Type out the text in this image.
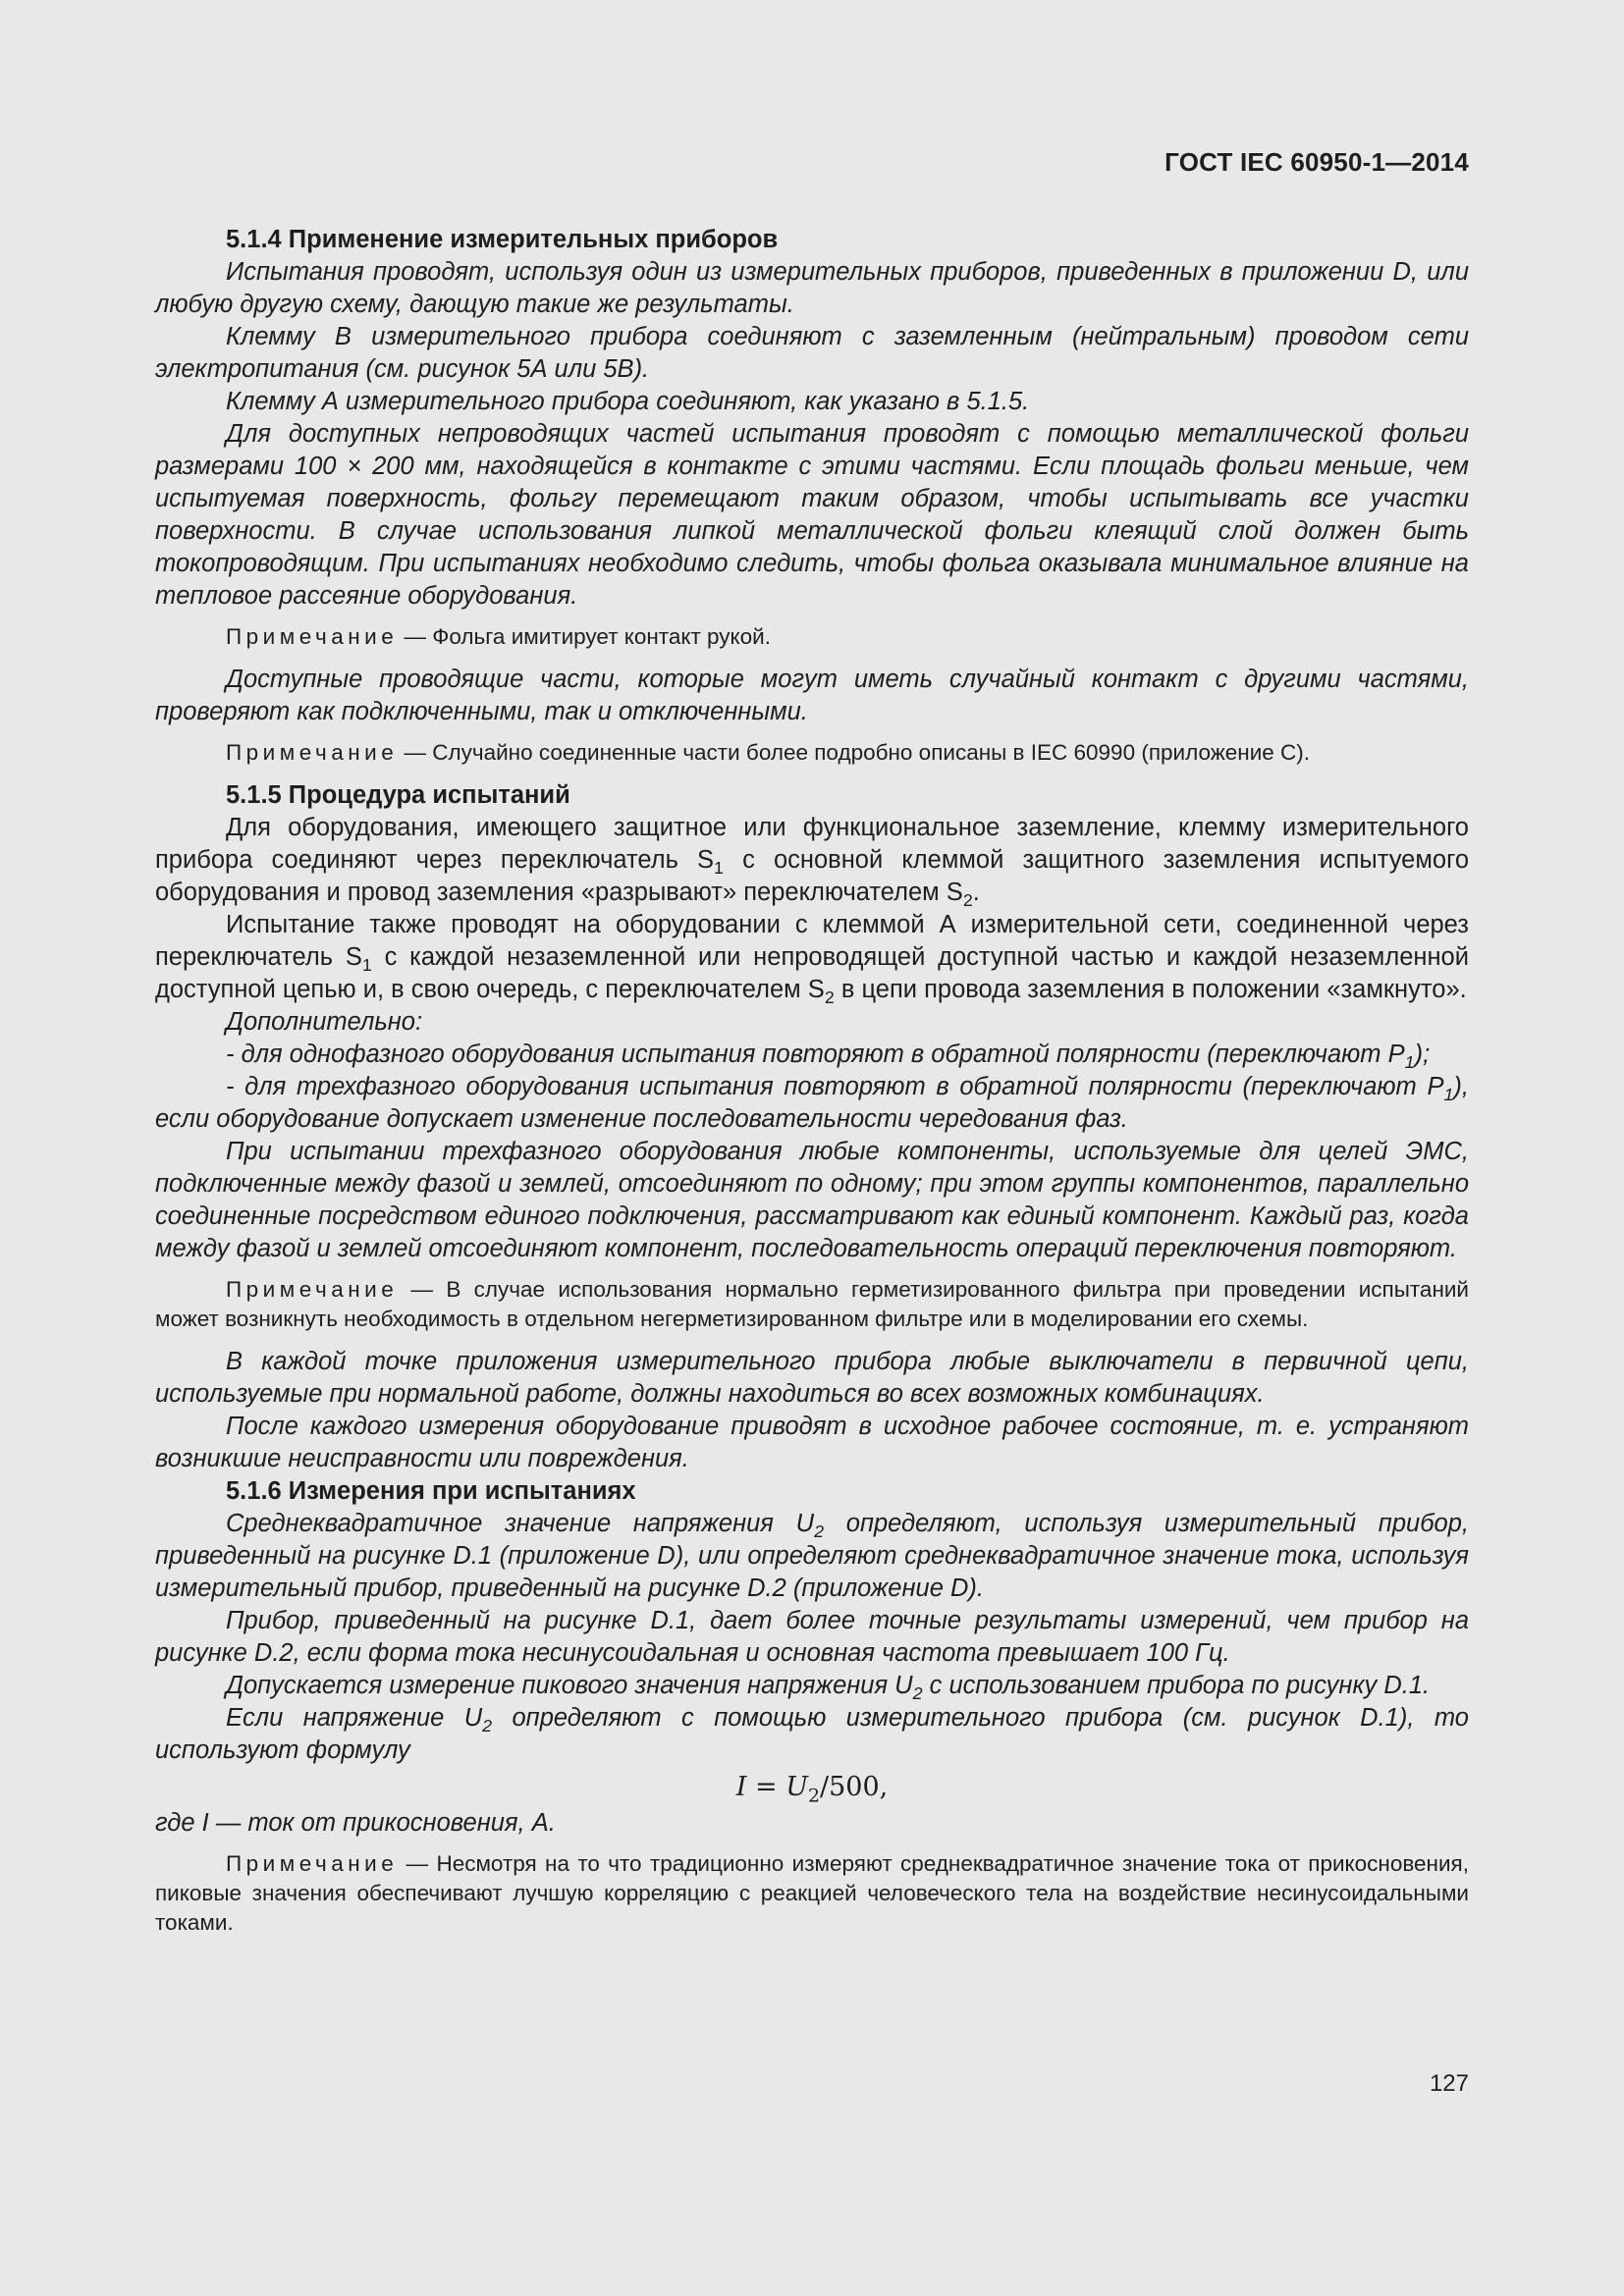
ГОСТ IEC 60950-1—2014

5.1.4 Применение измерительных приборов

Испытания проводят, используя один из измерительных приборов, приведенных в приложении D, или любую другую схему, дающую такие же результаты.

Клемму В измерительного прибора соединяют с заземленным (нейтральным) проводом сети электропитания (см. рисунок 5А или 5В).

Клемму А измерительного прибора соединяют, как указано в 5.1.5.

Для доступных непроводящих частей испытания проводят с помощью металлической фольги размерами 100 × 200 мм, находящейся в контакте с этими частями. Если площадь фольги меньше, чем испытуемая поверхность, фольгу перемещают таким образом, чтобы испытывать все участки поверхности. В случае использования липкой металлической фольги клеящий слой должен быть токопроводящим. При испытаниях необходимо следить, чтобы фольга оказывала минимальное влияние на тепловое рассеяние оборудования.

Примечание — Фольга имитирует контакт рукой.

Доступные проводящие части, которые могут иметь случайный контакт с другими частями, проверяют как подключенными, так и отключенными.

Примечание — Случайно соединенные части более подробно описаны в IEC 60990 (приложение С).

5.1.5 Процедура испытаний

Для оборудования, имеющего защитное или функциональное заземление, клемму измерительного прибора соединяют через переключатель $S_1$ с основной клеммой защитного заземления испытуемого оборудования и провод заземления «разрывают» переключателем $S_2$.

Испытание также проводят на оборудовании с клеммой А измерительной сети, соединенной через переключатель $S_1$ с каждой незаземленной или непроводящей доступной частью и каждой незаземленной доступной цепью и, в свою очередь, с переключателем $S_2$ в цепи провода заземления в положении «замкнуто».

Дополнительно:

- для однофазного оборудования испытания повторяют в обратной полярности (переключают $P_1$);

- для трехфазного оборудования испытания повторяют в обратной полярности (переключают $P_1$), если оборудование допускает изменение последовательности чередования фаз.

При испытании трехфазного оборудования любые компоненты, используемые для целей ЭМС, подключенные между фазой и землей, отсоединяют по одному; при этом группы компонентов, параллельно соединенные посредством единого подключения, рассматривают как единый компонент. Каждый раз, когда между фазой и землей отсоединяют компонент, последовательность операций переключения повторяют.

Примечание — В случае использования нормально герметизированного фильтра при проведении испытаний может возникнуть необходимость в отдельном негерметизированном фильтре или в моделировании его схемы.

В каждой точке приложения измерительного прибора любые выключатели в первичной цепи, используемые при нормальной работе, должны находиться во всех возможных комбинациях.

После каждого измерения оборудование приводят в исходное рабочее состояние, т. е. устраняют возникшие неисправности или повреждения.

5.1.6 Измерения при испытаниях

Среднеквадратичное значение напряжения $U_2$ определяют, используя измерительный прибор, приведенный на рисунке D.1 (приложение D), или определяют среднеквадратичное значение тока, используя измерительный прибор, приведенный на рисунке D.2 (приложение D).

Прибор, приведенный на рисунке D.1, дает более точные результаты измерений, чем прибор на рисунке D.2, если форма тока несинусоидальная и основная частота превышает 100 Гц.

Допускается измерение пикового значения напряжения $U_2$ с использованием прибора по рисунку D.1.

Если напряжение $U_2$ определяют с помощью измерительного прибора (см. рисунок D.1), то используют формулу

$I = U_2/500$,

где I — ток от прикосновения, А.

Примечание — Несмотря на то что традиционно измеряют среднеквадратичное значение тока от прикосновения, пиковые значения обеспечивают лучшую корреляцию с реакцией человеческого тела на воздействие несинусоидальными токами.

127
